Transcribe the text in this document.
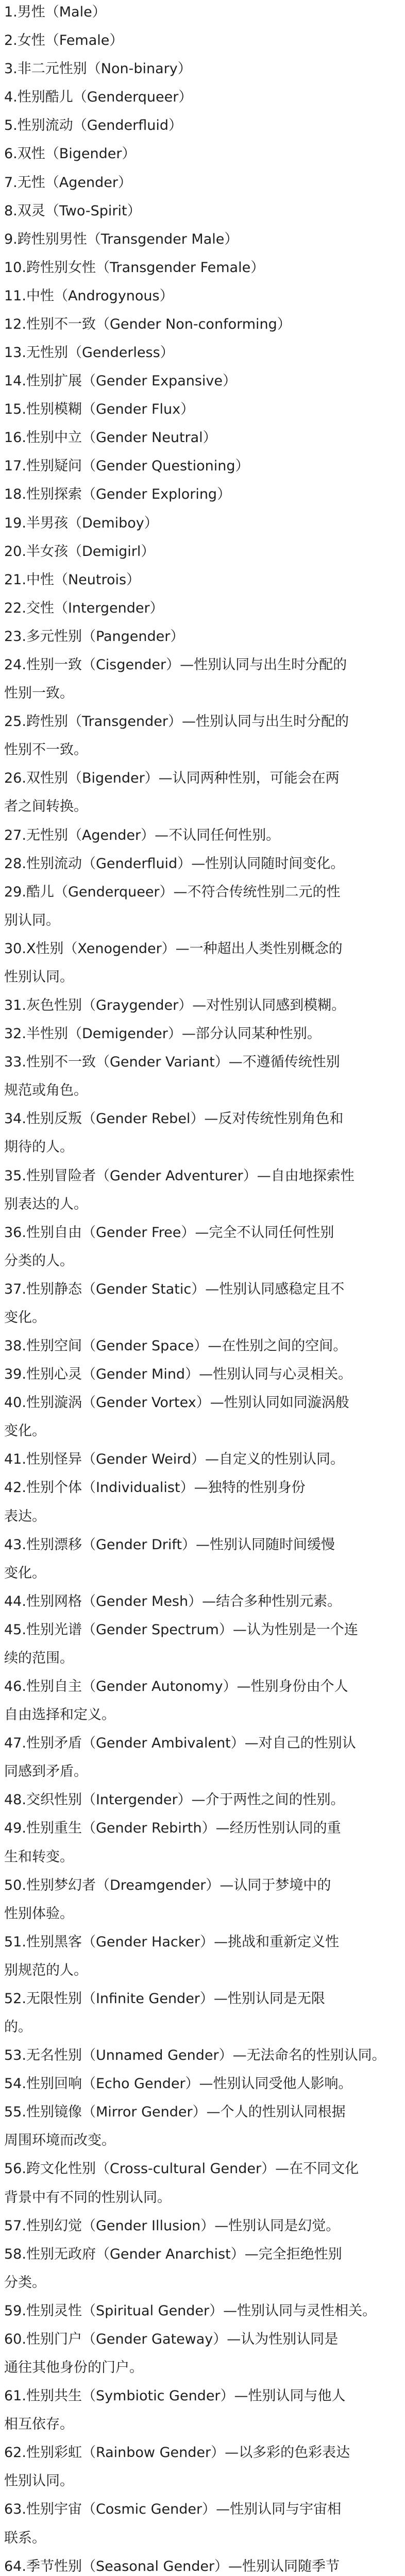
1.男性（Male）
2.女性（Female）
3.非二元性别（Non-binary）
4.性别酷儿（Genderqueer）
5.性别流动（Genderfluid）
6.双性（Bigender）
7.无性（Agender）
8.双灵（Two-Spirit）
9.跨性别男性（Transgender Male）
10.跨性别女性（Transgender Female）
11.中性（Androgynous）
12.性别不一致（Gender Non-conforming）
13.无性别（Genderless）
14.性别扩展（Gender Expansive）
15.性别模糊（Gender Flux）
16.性别中立（Gender Neutral）
17.性别疑问（Gender Questioning）
18.性别探索（Gender Exploring）
19.半男孩（Demiboy）
20.半女孩（Demigirl）
21.中性（Neutrois）
22.交性（Intergender）
23.多元性别（Pangender）
24.性别一致（Cisgender）—性别认同与出生时分配的
性别一致。
25.跨性别（Transgender）—性别认同与出生时分配的
性别不一致。
26.双性别（Bigender）—认同两种性别，可能会在两
者之间转换。
27.无性别（Agender）—不认同任何性别。
28.性别流动（Genderfluid）—性别认同随时间变化。
29.酷儿（Genderqueer）—不符合传统性别二元的性
别认同。
30.X性别（Xenogender）—一种超出人类性别概念的
性别认同。
31.灰色性别（Graygender）—对性别认同感到模糊。
32.半性别（Demigender）—部分认同某种性别。
33.性别不一致（Gender Variant）—不遵循传统性别
规范或角色。
34.性别反叛（Gender Rebel）—反对传统性别角色和
期待的人。
35.性别冒险者（Gender Adventurer）—自由地探索性
别表达的人。
36.性别自由（Gender Free）—完全不认同任何性别
分类的人。
37.性别静态（Gender Static）—性别认同感稳定且不
变化。
38.性别空间（Gender Space）—在性别之间的空间。
39.性别心灵（Gender Mind）—性别认同与心灵相关。
40.性别漩涡（Gender Vortex）—性别认同如同漩涡般
变化。
41.性别怪异（Gender Weird）—自定义的性别认同。
42.性别个体（Individualist）—独特的性别身份
表达。
43.性别漂移（Gender Drift）—性别认同随时间缓慢
变化。
44.性别网格（Gender Mesh）—结合多种性别元素。
45.性别光谱（Gender Spectrum）—认为性别是一个连
续的范围。
46.性别自主（Gender Autonomy）—性别身份由个人
自由选择和定义。
47.性别矛盾（Gender Ambivalent）—对自己的性别认
同感到矛盾。
48.交织性别（Intergender）—介于两性之间的性别。
49.性别重生（Gender Rebirth）—经历性别认同的重
生和转变。
50.性别梦幻者（Dreamgender）—认同于梦境中的
性别体验。
51.性别黑客（Gender Hacker）—挑战和重新定义性
别规范的人。
52.无限性别（Infinite Gender）—性别认同是无限
的。
53.无名性别（Unnamed Gender）—无法命名的性别认同。
54.性别回响（Echo Gender）—性别认同受他人影响。
55.性别镜像（Mirror Gender）—个人的性别认同根据
周围环境而改变。
56.跨文化性别（Cross-cultural Gender）—在不同文化
背景中有不同的性别认同。
57.性别幻觉（Gender Illusion）—性别认同是幻觉。
58.性别无政府（Gender Anarchist）—完全拒绝性别
分类。
59.性别灵性（Spiritual Gender）—性别认同与灵性相关。
60.性别门户（Gender Gateway）—认为性别认同是
通往其他身份的门户。
61.性别共生（Symbiotic Gender）—性别认同与他人
相互依存。
62.性别彩虹（Rainbow Gender）—以多彩的色彩表达
性别认同。
63.性别宇宙（Cosmic Gender）—性别认同与宇宙相
联系。
64.季节性别（Seasonal Gender）—性别认同随季节
